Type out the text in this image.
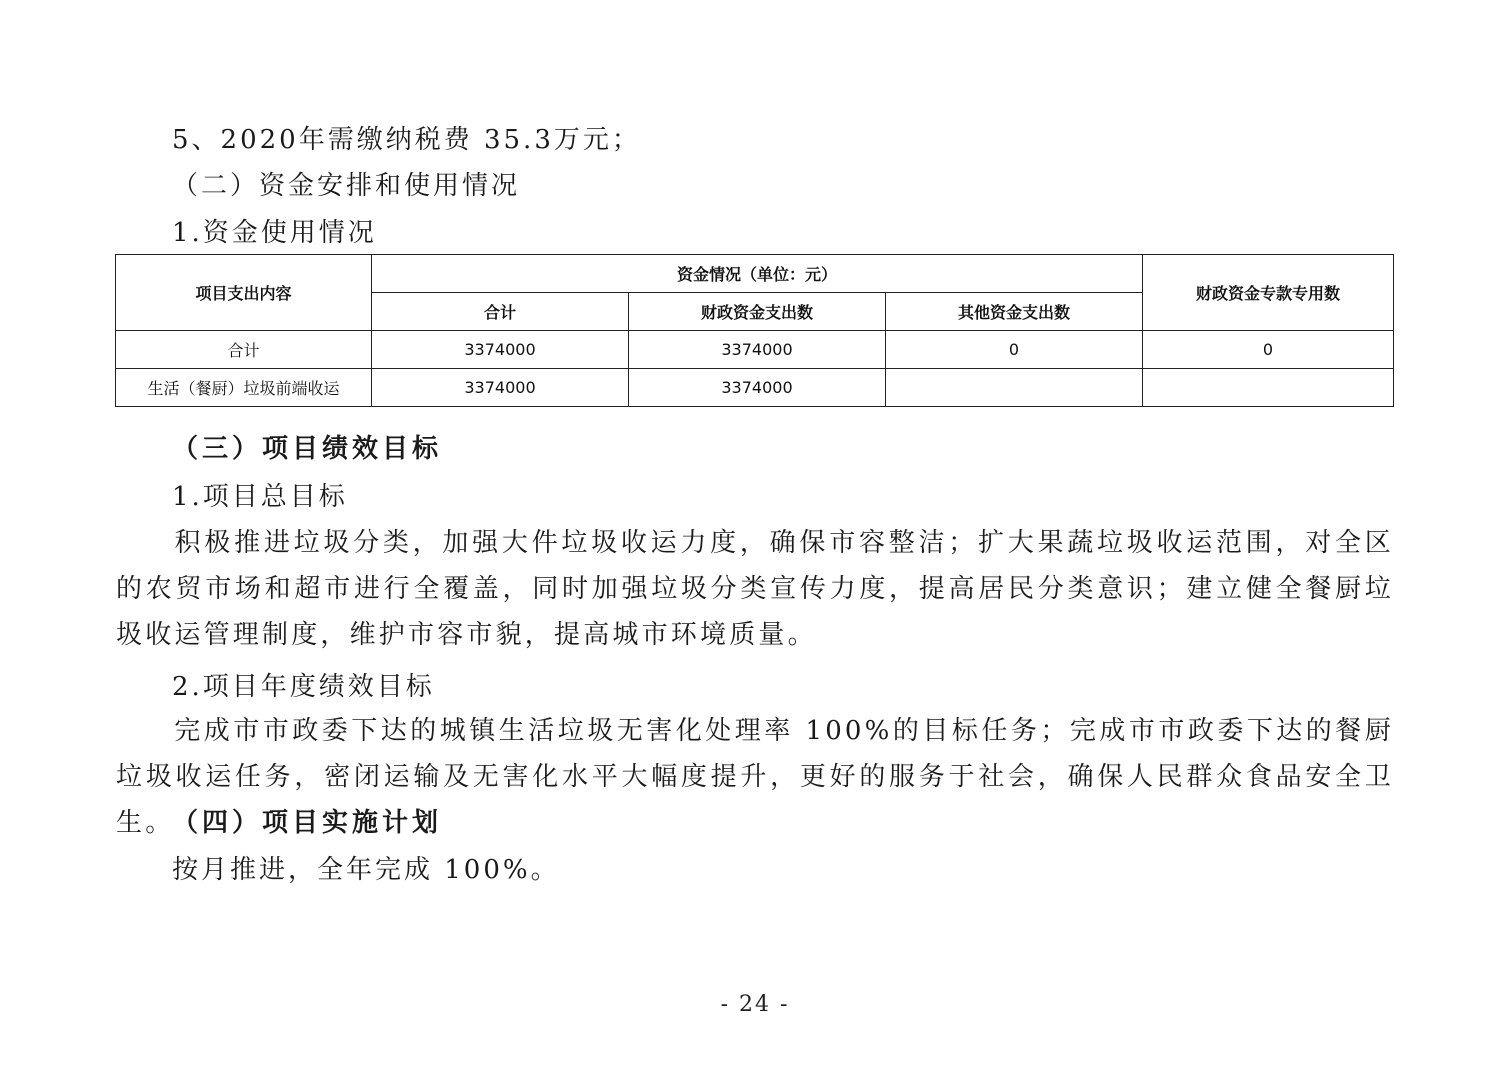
5、2020年需缴纳税费 35.3万元；
（二）资金安排和使用情况
1.资金使用情况
项目支出内容	资金情况（单位：元）			财政资金专款专用数
	合计	财政资金支出数	其他资金支出数	
合计	3374000	3374000	0	0
生活（餐厨）垃圾前端收运	3374000	3374000		
（三）项目绩效目标
1.项目总目标
积极推进垃圾分类，加强大件垃圾收运力度，确保市容整洁；扩大果蔬垃圾收运范围，对全区的农贸市场和超市进行全覆盖，同时加强垃圾分类宣传力度，提高居民分类意识；建立健全餐厨垃圾收运管理制度，维护市容市貌，提高城市环境质量。
2.项目年度绩效目标
完成市市政委下达的城镇生活垃圾无害化处理率 100%的目标任务；完成市市政委下达的餐厨垃圾收运任务，密闭运输及无害化水平大幅度提升，更好的服务于社会，确保人民群众食品安全卫生。
（四）项目实施计划
按月推进，全年完成 100%。
- 24 -
